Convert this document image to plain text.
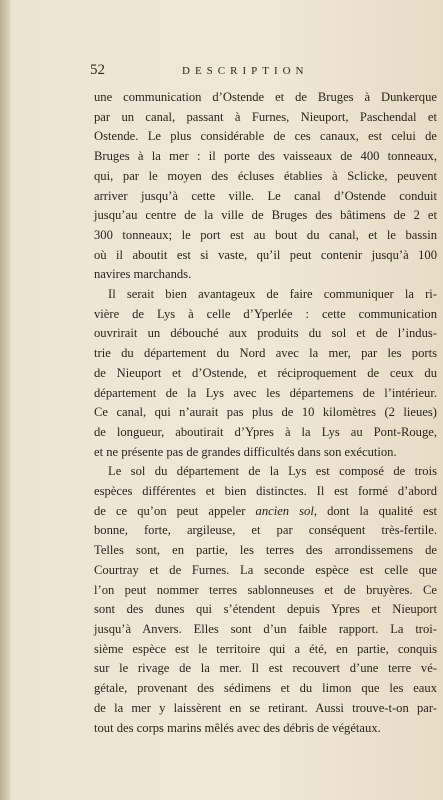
52	DESCRIPTION

une communication d’Ostende et de Bruges à Dunkerque
par un canal, passant à Furnes, Nieuport, Paschendal et
Ostende. Le plus considérable de ces canaux, est celui de
Bruges à la mer : il porte des vaisseaux de 400 tonneaux,
qui, par le moyen des écluses établies à Sclicke, peuvent
arriver jusqu’à cette ville. Le canal d’Ostende conduit
jusqu’au centre de la ville de Bruges des bâtimens de 2 et
300 tonneaux; le port est au bout du canal, et le bassin
où il aboutit est si vaste, qu’il peut contenir jusqu’à 100
navires marchands.

Il serait bien avantageux de faire communiquer la ri-
vière de Lys à celle d’Yperlée : cette communication
ouvrirait un débouché aux produits du sol et de l’indus-
trie du département du Nord avec la mer, par les ports
de Nieuport et d’Ostende, et réciproquement de ceux du
département de la Lys avec les départemens de l’intérieur.
Ce canal, qui n’aurait pas plus de 10 kilomètres (2 lieues)
de longueur, aboutirait d’Ypres à la Lys au Pont-Rouge,
et ne présente pas de grandes difficultés dans son exécution.

Le sol du département de la Lys est composé de trois
espèces différentes et bien distinctes. Il est formé d’abord
de ce qu’on peut appeler ancien sol, dont la qualité est
bonne, forte, argileuse, et par conséquent très-fertile.
Telles sont, en partie, les terres des arrondissemens de
Courtray et de Furnes. La seconde espèce est celle que
l’on peut nommer terres sablonneuses et de bruyères. Ce
sont des dunes qui s’étendent depuis Ypres et Nieuport
jusqu’à Anvers. Elles sont d’un faible rapport. La troi-
sième espèce est le territoire qui a été, en partie, conquis
sur le rivage de la mer. Il est recouvert d’une terre vé-
gétale, provenant des sédimens et du limon que les eaux
de la mer y laissèrent en se retirant. Aussi trouve-t-on par-
tout des corps marins mêlés avec des débris de végétaux.
